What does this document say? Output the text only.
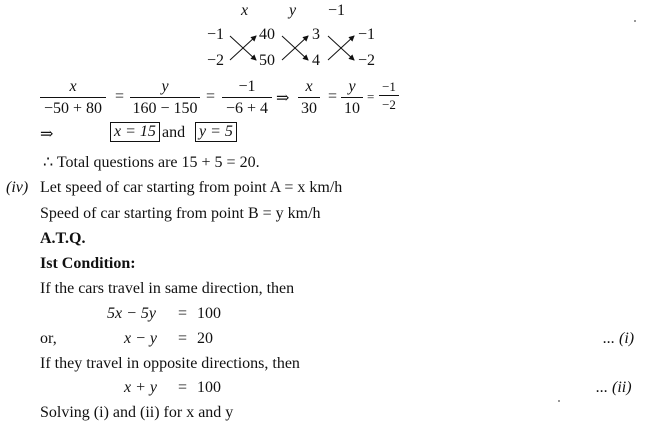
x	y −1
−1 40 3 −1
−2 50 4 −2
x
−50 + 80
=
y
160 − 150
=
−1
−6 + 4
⇒
x
30
=
y
10
=
−1
−2
⇒	x = 15 and y = 5
∴ Total questions are 15 + 5 = 20.
(iv) Let speed of car starting from point A = x km/h
Speed of car starting from point B = y km/h
A.T.Q.
Ist Condition:
If the cars travel in same direction, then
5x − 5y = 100
or,	x − y = 20	... (i)
If they travel in opposite directions, then
x + y = 100	... (ii)
Solving (i) and (ii) for x and y
